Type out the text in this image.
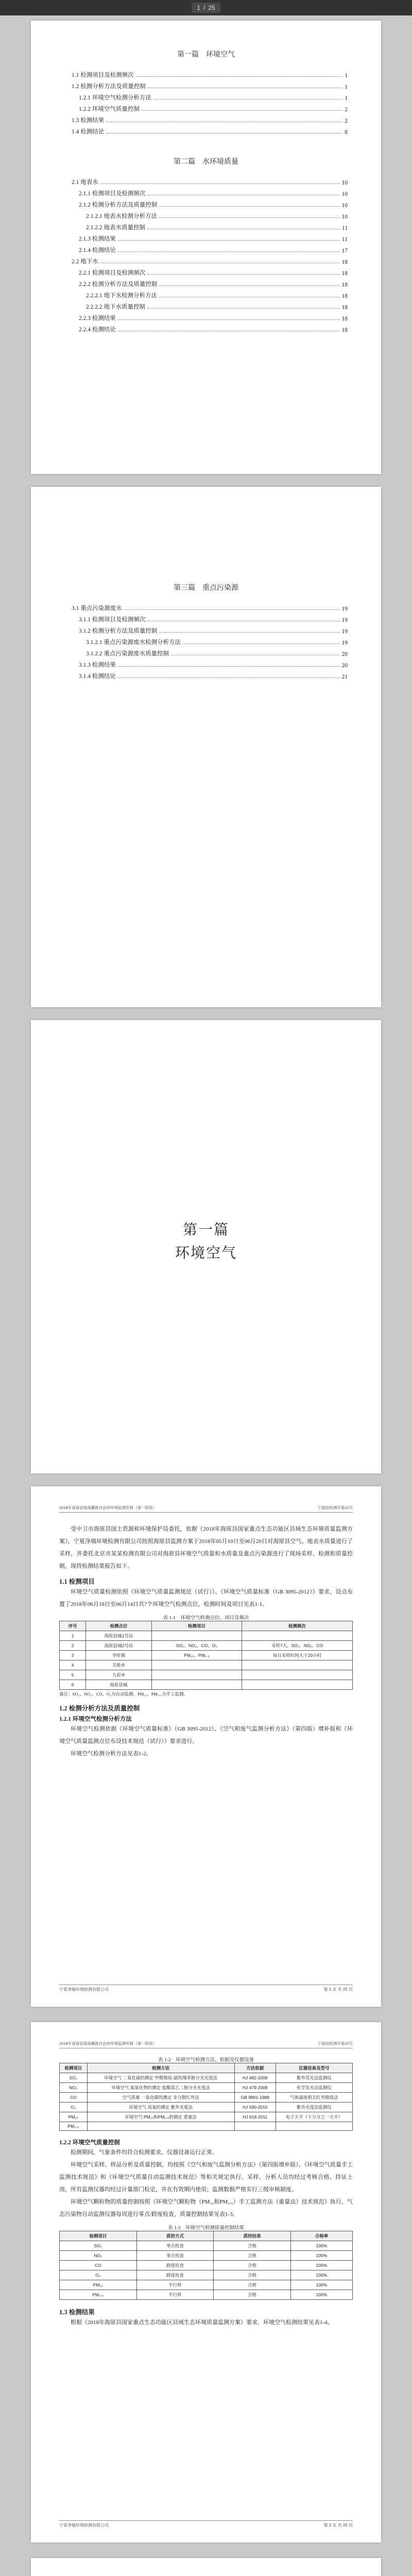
1 / 25

第一篇　环境空气

1.1 检测项目及检测频次	1
1.2 检测分析方法及质量控制	1
1.2.1 环境空气检测分析方法	1
1.2.2 环境空气质量控制	2
1.3 检测结果	2
1.4 检测结论	8

第二篇　水环境质量

2.1 地表水	10
2.1.1 检测项目及检测频次	10
2.1.2 检测分析方法及质量控制	10
2.1.2.1 地表水检测分析方法	10
2.1.2.2 地表水质量控制	11
2.1.3 检测结果	11
2.1.4 检测结论	17
2.2 地下水	18
2.2.1 检测项目及检测频次	18
2.2.2 检测分析方法及质量控制	18
2.2.2.1 地下水检测分析方法	18
2.2.2.2 地下水质量控制	18
2.2.3 检测结果	18
2.2.4 检测结论	18

第三篇　重点污染源

3.1 重点污染源废水	19
3.1.1 检测项目及检测频次	19
3.1.2 检测分析方法及质量控制	19
3.1.2.1 重点污染源废水检测分析方法	19
3.1.2.2 重点污染源废水质量控制	20
3.1.3 检测结果	20
3.1.4 检测结论	21
第一篇
环境空气
2018年青海省海南藏族自治州环境监测年报（第一阶段）	宁海县检测字第22号

受中卫市海原县国土资源和环境保护局委托，依据《2018年海原县国家重点生态功能区县域生态环境质量监测方案》，宁夏净瑞环境检测有限公司按照海原县监测方案于2018年05月10日至06月20日对海原县空气、地表水质量进行了采样，并委托北京市某某检测有限公司对海原县环境空气质量和水质量及重点污染源进行了现场采样、检测和质量控制，现将检测结果报告如下。

1.1 检测项目

环境空气质量检测依照《环境空气质量监测规范（试行）》、《环境空气质量标准（GB 3095-2012）》要求，设点布置了2018年06月18日至06月14日共7个环境空气检测点位，检测时间及项目见表1-1。

表 1-1　环境空气检测点位、项目及频次

序号	检测点位	检测项目	检测频次
1	海原县城1号站		
2	海原县城2号站	SO₂、NO₂、CO、O₃	采样7天，SO₂、NO₂、CO
3	李旺镇	PM₁₀、PM₂.₅	每日采样时间大于20小时
4	关桥乡		
5	九彩乡		
6	海原县城		

备注：SO₂、NO₂、CO、O₃为自动监测，PM₁₀、PM₂.₅为手工监测。

1.2 检测分析方法及质量控制

1.2.1 环境空气检测分析方法

环境空气检测依据《环境空气质量标准》（GB 3095-2012）、《空气和废气监测分析方法》（第四版）增补版和《环境空气质量监测点位布设技术规范（试行）》要求进行。

环境空气检测分析方法见表1-2。

宁夏净瑞环境检测有限公司	第 1 页 共 25 页
2018年青海省海南藏族自治州环境监测年报（第一阶段）	宁海县检测字第22号

表 1-2　环境空气检测方法、依据及仪器设备

检测项目	检测方法	方法依据	仪器设备及型号
SO₂	环境空气 二氧化硫的测定 甲醛吸收-副玫瑰苯胺分光光度法	HJ 482-2009	紫外荧光法监测仪
NO₂	环境空气 氮氧化物的测定 盐酸萘乙二胺分光光度法	HJ 479-2009	化学发光法监测仪
CO	空气质量 一氧化碳的测定 非分散红外法	GB 9801-1988	气体滤波相关红外吸收法
O₃	环境空气 臭氧的测定 紫外光度法	HJ 590-2010	紫外光度法监测仪
PM₁₀	环境空气 PM₁₀和PM₂.₅的测定 重量法	HJ 618-2011	电子天平（十万分之一天平）
PM₂.₅			

1.2.2 环境空气质量控制

检测期间，气象条件均符合检测要求，仪器设备运行正常。

环境空气采样、样品分析及质量控制，均按照《空气和废气监测分析方法》（第四版增补版）、《环境空气质量手工监测技术规范》和《环境空气质量自动监测技术规范》等相关规定执行。采样、分析人员均经过考核合格、持证上岗，所有监测仪器均经过计量部门检定，并在有效期内使用；监测数据严格实行三级审核制度。

环境空气颗粒物的质量控制按照《环境空气颗粒物（PM₁₀和PM₂.₅）手工监测方法（重量法）技术规范》执行，气态污染物自动监测仪器每周进行零点/跨度检查，质量控制结果见表1-3。

表 1-3　环境空气检测质量控制结果

检测项目	质控方式	质控结果	合格率
SO₂	零点检查	合格	100%
NO₂	零点检查	合格	100%
CO	跨度检查	合格	100%
O₃	跨度检查	合格	100%
PM₁₀	平行样	合格	100%
PM₂.₅	平行样	合格	100%

1.3 检测结果

根据《2018年海原县国家重点生态功能区县域生态环境质量监测方案》要求，环境空气检测结果见表1-4。

宁夏净瑞环境检测有限公司	第 2 页 共 25 页
